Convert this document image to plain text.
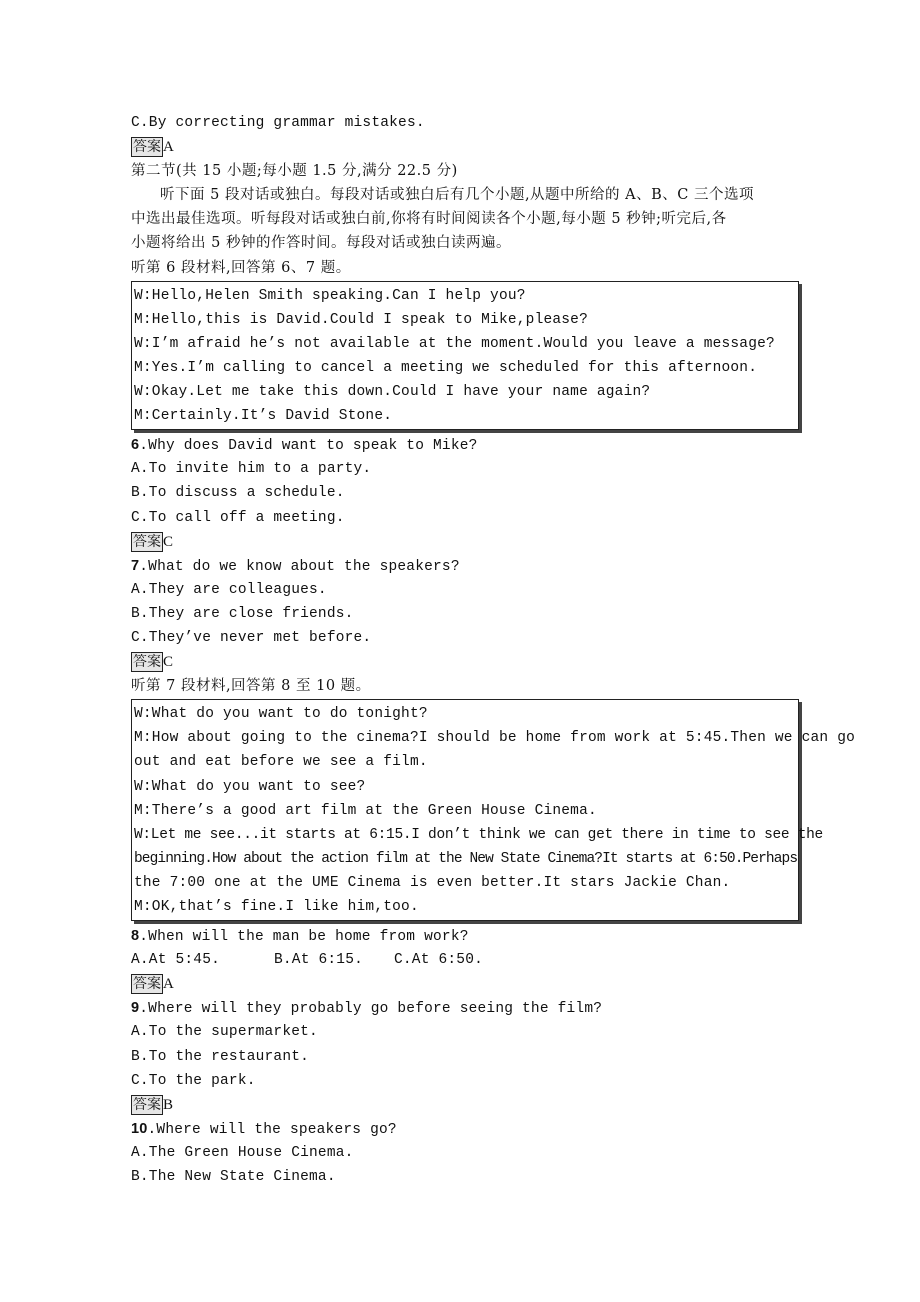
C.By correcting grammar mistakes.
答案 A
第二节(共 15 小题;每小题 1.5 分,满分 22.5 分)
听下面 5 段对话或独白。每段对话或独白后有几个小题,从题中所给的 A、B、C 三个选项
中选出最佳选项。听每段对话或独白前,你将有时间阅读各个小题,每小题 5 秒钟;听完后,各
小题将给出 5 秒钟的作答时间。每段对话或独白读两遍。
听第 6 段材料,回答第 6、7 题。
W:Hello,Helen Smith speaking.Can I help you?
M:Hello,this is David.Could I speak to Mike,please?
W:I’m afraid he’s not available at the moment.Would you leave a message?
M:Yes.I’m calling to cancel a meeting we scheduled for this afternoon.
W:Okay.Let me take this down.Could I have your name again?
M:Certainly.It’s David Stone.
6.Why does David want to speak to Mike?
A.To invite him to a party.
B.To discuss a schedule.
C.To call off a meeting.
答案 C
7.What do we know about the speakers?
A.They are colleagues.
B.They are close friends.
C.They’ve never met before.
答案 C
听第 7 段材料,回答第 8 至 10 题。
W:What do you want to do tonight?
M:How about going to the cinema?I should be home from work at 5:45.Then we can go
out and eat before we see a film.
W:What do you want to see?
M:There’s a good art film at the Green House Cinema.
W:Let me see...it starts at 6:15.I don’t think we can get there in time to see the
beginning.How about the action film at the New State Cinema?It starts at 6:50.Perhaps
the 7:00 one at the UME Cinema is even better.It stars Jackie Chan.
M:OK,that’s fine.I like him,too.
8.When will the man be home from work?
A.At 5:45.	B.At 6:15.	C.At 6:50.
答案 A
9.Where will they probably go before seeing the film?
A.To the supermarket.
B.To the restaurant.
C.To the park.
答案 B
10.Where will the speakers go?
A.The Green House Cinema.
B.The New State Cinema.
